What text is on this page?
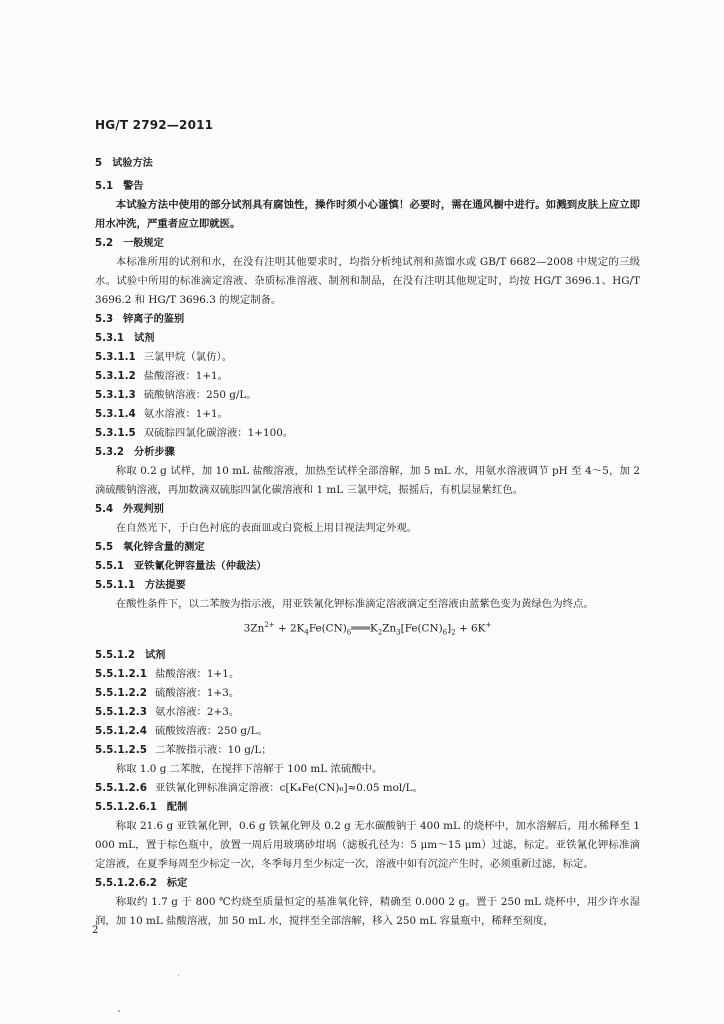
HG/T 2792—2011
5 试验方法
5.1 警告
本试验方法中使用的部分试剂具有腐蚀性，操作时须小心谨慎！必要时，需在通风橱中进行。如溅到皮肤上应立即用水冲洗，严重者应立即就医。
5.2 一般规定
本标准所用的试剂和水，在没有注明其他要求时，均指分析纯试剂和蒸馏水或 GB/T 6682—2008 中规定的三级水。试验中所用的标准滴定溶液、杂质标准溶液、制剂和制品，在没有注明其他规定时，均按 HG/T 3696.1、HG/T 3696.2 和 HG/T 3696.3 的规定制备。
5.3 锌离子的鉴别
5.3.1 试剂
5.3.1.1 三氯甲烷（氯仿）。
5.3.1.2 盐酸溶液：1+1。
5.3.1.3 硫酸钠溶液：250 g/L。
5.3.1.4 氨水溶液：1+1。
5.3.1.5 双硫腙四氯化碳溶液：1+100。
5.3.2 分析步骤
称取 0.2 g 试样，加 10 mL 盐酸溶液，加热至试样全部溶解，加 5 mL 水，用氨水溶液调节 pH 至 4～5，加 2 滴硫酸钠溶液，再加数滴双硫腙四氯化碳溶液和 1 mL 三氯甲烷，振摇后，有机层显紫红色。
5.4 外观判别
在自然光下，于白色衬底的表面皿或白瓷板上用目视法判定外观。
5.5 氧化锌含量的测定
5.5.1 亚铁氰化钾容量法（仲裁法）
5.5.1.1 方法提要
在酸性条件下，以二苯胺为指示液，用亚铁氰化钾标准滴定溶液滴定至溶液由蓝紫色变为黄绿色为终点。
$3Zn^{2+}$ + $2K_4Fe(CN)_6═══K_2Zn_3[Fe(CN)_6]_2 + 6K^+$
5.5.1.2 试剂
5.5.1.2.1 盐酸溶液：1+1。
5.5.1.2.2 硫酸溶液：1+3。
5.5.1.2.3 氨水溶液：2+3。
5.5.1.2.4 硫酸铵溶液：250 g/L。
5.5.1.2.5 二苯胺指示液：10 g/L；
称取 1.0 g 二苯胺，在搅拌下溶解于 100 mL 浓硫酸中。
5.5.1.2.6 亚铁氰化钾标准滴定溶液：c[K₄Fe(CN)₆]≈0.05 mol/L。
5.5.1.2.6.1 配制
称取 21.6 g 亚铁氰化钾，0.6 g 铁氰化钾及 0.2 g 无水碳酸钠于 400 mL 的烧杯中，加水溶解后，用水稀释至 1 000 mL，置于棕色瓶中，放置一周后用玻璃砂坩埚（滤板孔径为：5 μm～15 μm）过滤，标定。亚铁氰化钾标准滴定溶液，在夏季每周至少标定一次，冬季每月至少标定一次，溶液中如有沉淀产生时，必须重新过滤，标定。
5.5.1.2.6.2 标定
称取约 1.7 g 于 800 ℃灼烧至质量恒定的基准氧化锌，精确至 0.000 2 g。置于 250 mL 烧杯中，用少许水湿润，加 10 mL 盐酸溶液，加 50 mL 水，搅拌至全部溶解，移入 250 mL 容量瓶中，稀释至刻度，
2
